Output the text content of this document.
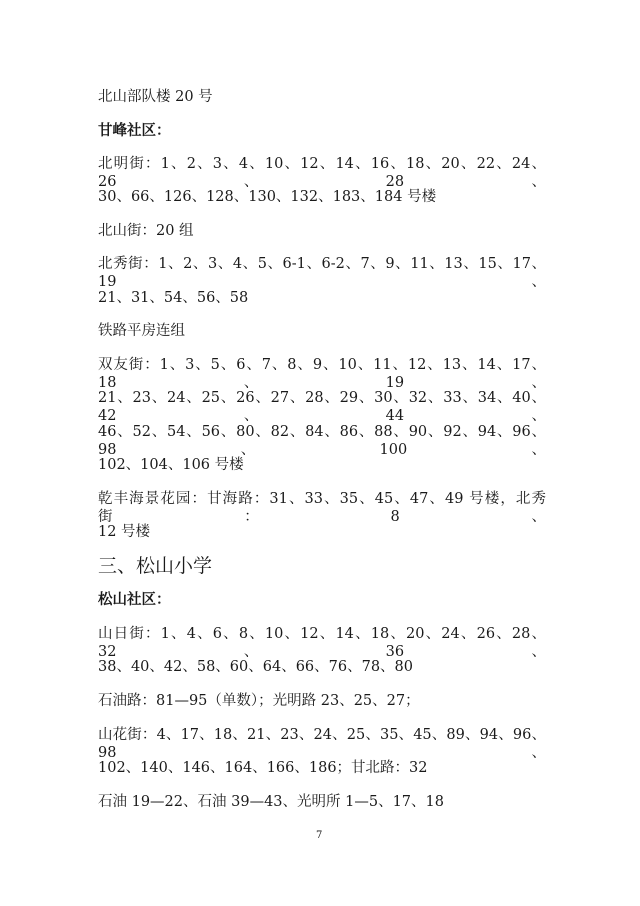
北山部队楼 20 号
甘峰社区：
北明街：1、2、3、4、10、12、14、16、18、20、22、24、26、28、
30、66、126、128、130、132、183、184 号楼
北山街：20 组
北秀街：1、2、3、4、5、6-1、6-2、7、9、11、13、15、17、19、
21、31、54、56、58
铁路平房连组
双友街：1、3、5、6、7、8、9、10、11、12、13、14、17、18、19、
21、23、24、25、26、27、28、29、30、32、33、34、40、42、44、
46、52、54、56、80、82、84、86、88、90、92、94、96、98、100、
102、104、106 号楼
乾丰海景花园：甘海路：31、33、35、45、47、49 号楼，北秀街：8、
12 号楼
三、松山小学
松山社区：
山日街：1、4、6、8、10、12、14、18、20、24、26、28、32、36、
38、40、42、58、60、64、66、76、78、80
石油路：81—95（单数）；光明路 23、25、27；
山花街：4、17、18、21、23、24、25、35、45、89、94、96、98、
102、140、146、164、166、186；甘北路：32
石油 19—22、石油 39—43、光明所 1—5、17、18
7
